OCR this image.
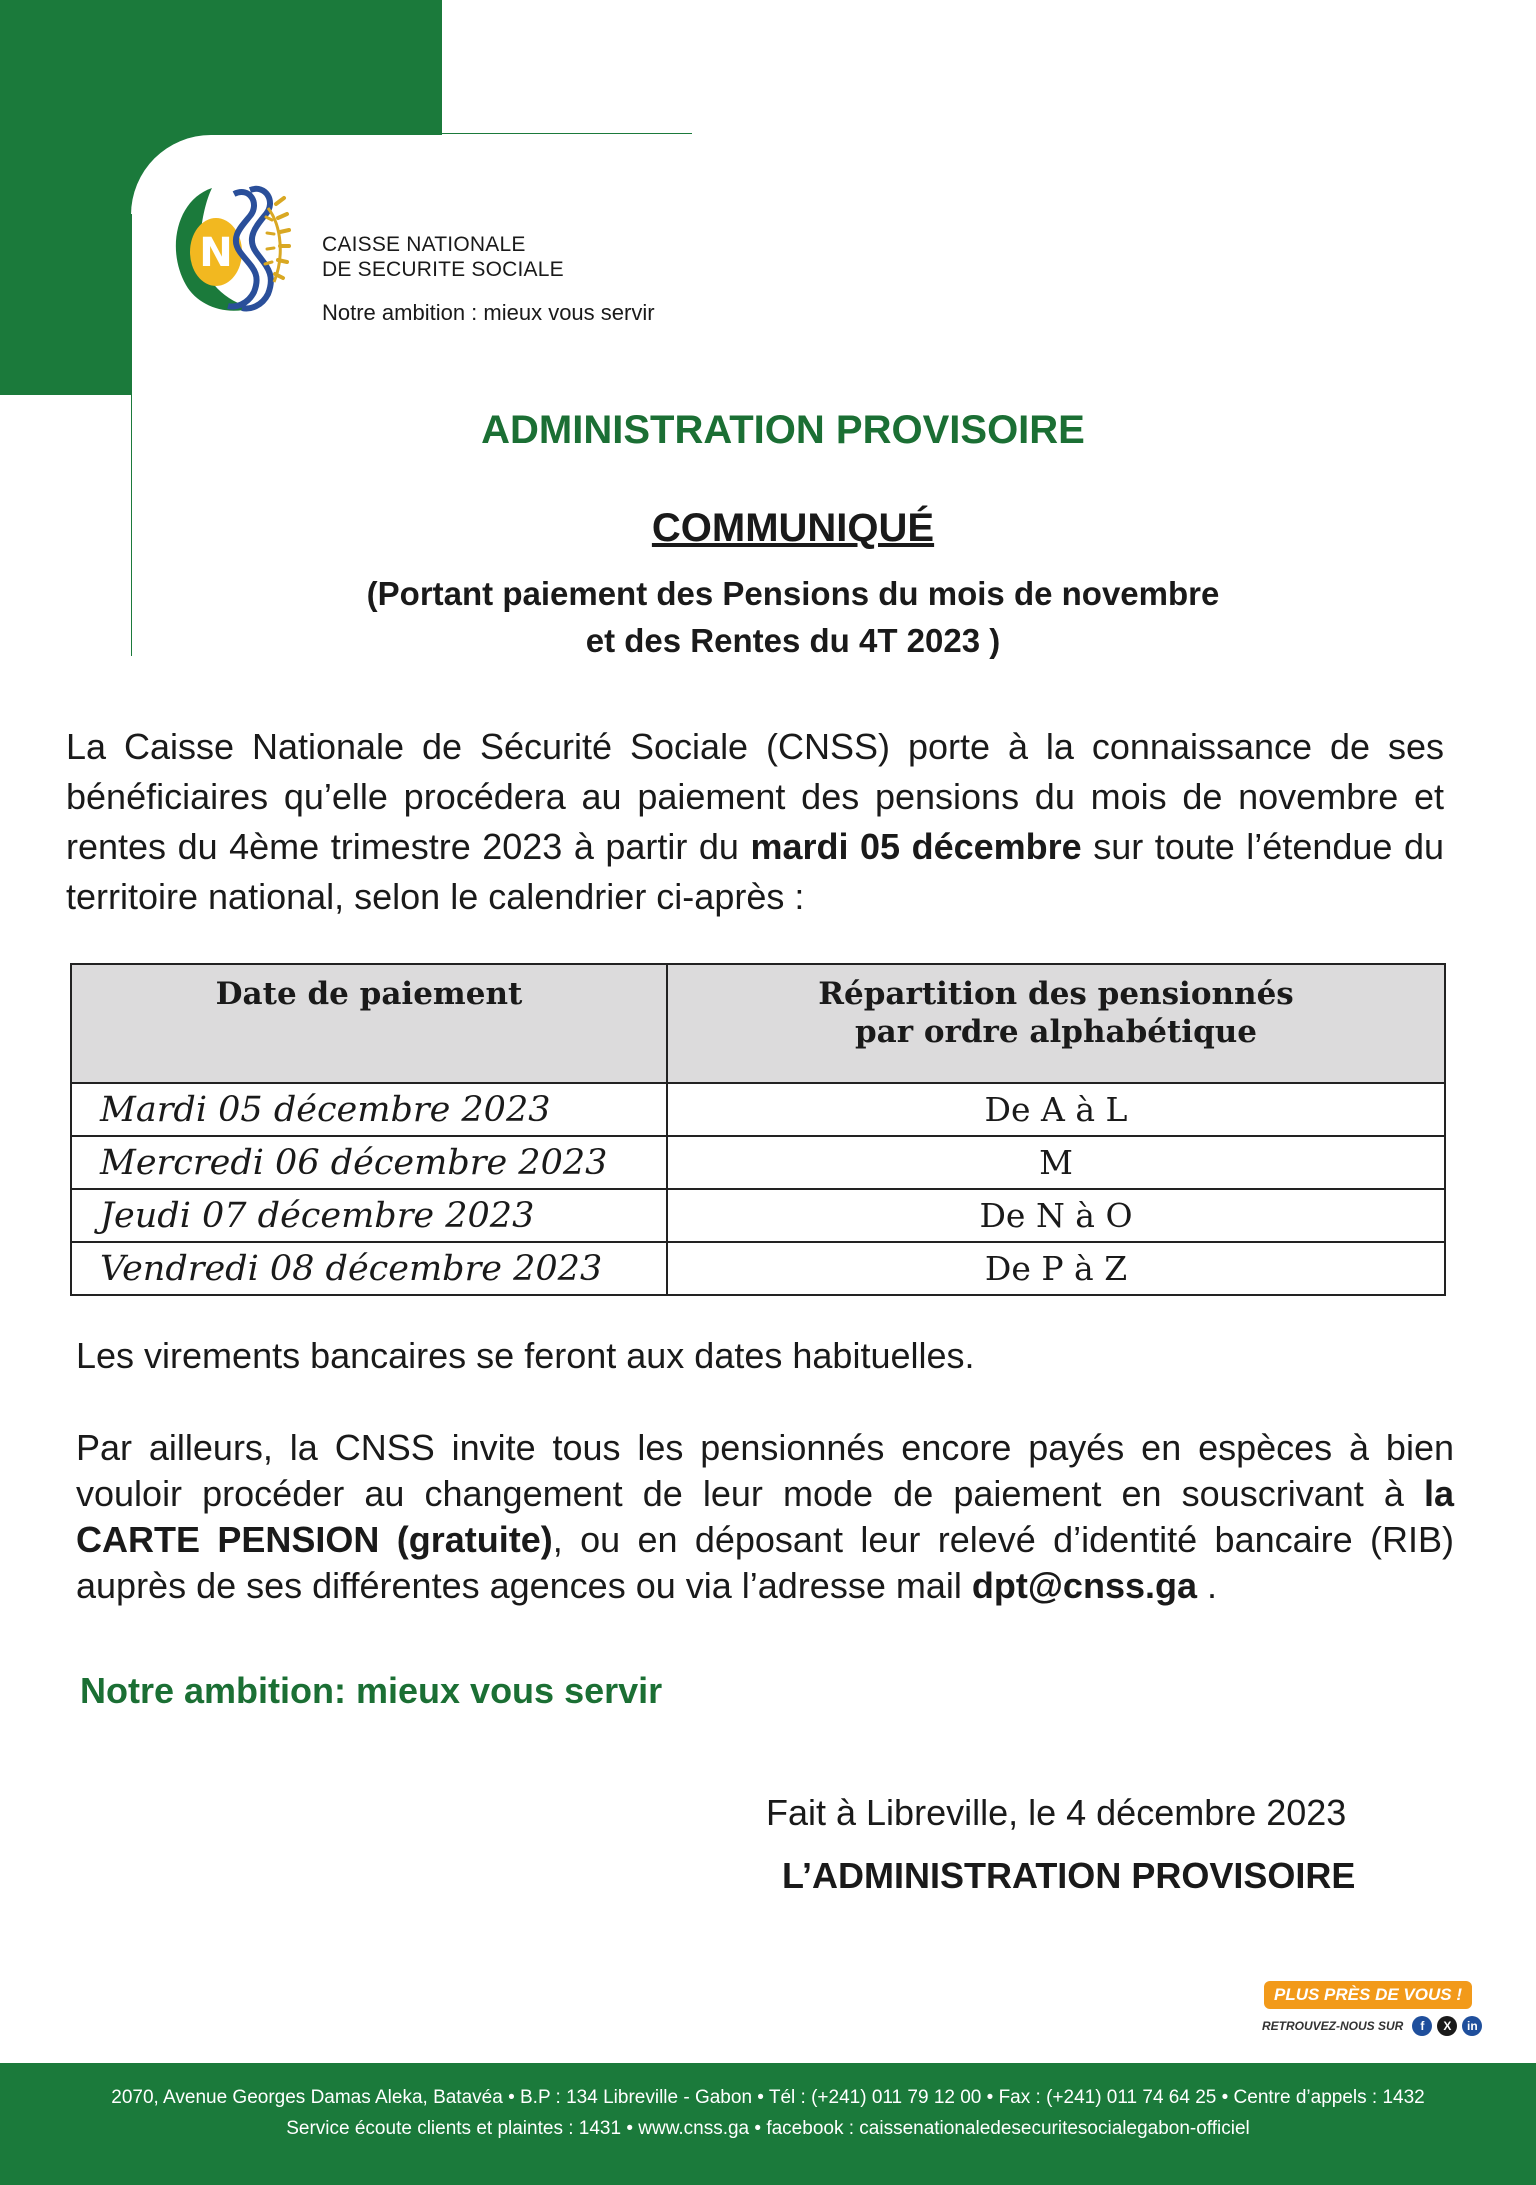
N	CAISSE NATIONALE
DE SECURITE SOCIALE
Notre ambition : mieux vous servir
ADMINISTRATION PROVISOIRE
COMMUNIQUÉ
(Portant paiement des Pensions du mois de novembre
et des Rentes du 4T 2023 )

La Caisse Nationale de Sécurité Sociale (CNSS) porte à la connaissance de ses bénéficiaires qu’elle procédera au paiement des pensions du mois de novembre et rentes du 4ème trimestre 2023 à partir du mardi 05 décembre sur toute l’étendue du territoire national, selon le calendrier ci-après :

Date de paiement	Répartition des pensionnés
par ordre alphabétique

Mardi 05 décembre 2023	De A à L
Mercredi 06 décembre 2023	M
Jeudi 07 décembre 2023	De N à O
Vendredi 08 décembre 2023	De P à Z
Les virements bancaires se feront aux dates habituelles.

Par ailleurs, la CNSS invite tous les pensionnés encore payés en espèces à bien vouloir procéder au changement de leur mode de paiement en souscrivant à la CARTE PENSION (gratuite), ou en déposant leur relevé d’identité bancaire (RIB) auprès de ses différentes agences ou via l’adresse mail dpt@cnss.ga .

Notre ambition: mieux vous servir
Fait à Libreville, le 4 décembre 2023
L’ADMINISTRATION PROVISOIRE
PLUS PRÈS DE VOUS !
RETROUVEZ-NOUS SUR	f	X	in
2070, Avenue Georges Damas Aleka, Batavéa • B.P : 134 Libreville - Gabon • Tél : (+241) 011 79 12 00 • Fax : (+241) 011 74 64 25 • Centre d’appels : 1432
Service écoute clients et plaintes : 1431 • www.cnss.ga • facebook : caissenationaledesecuritesocialegabon-officiel
